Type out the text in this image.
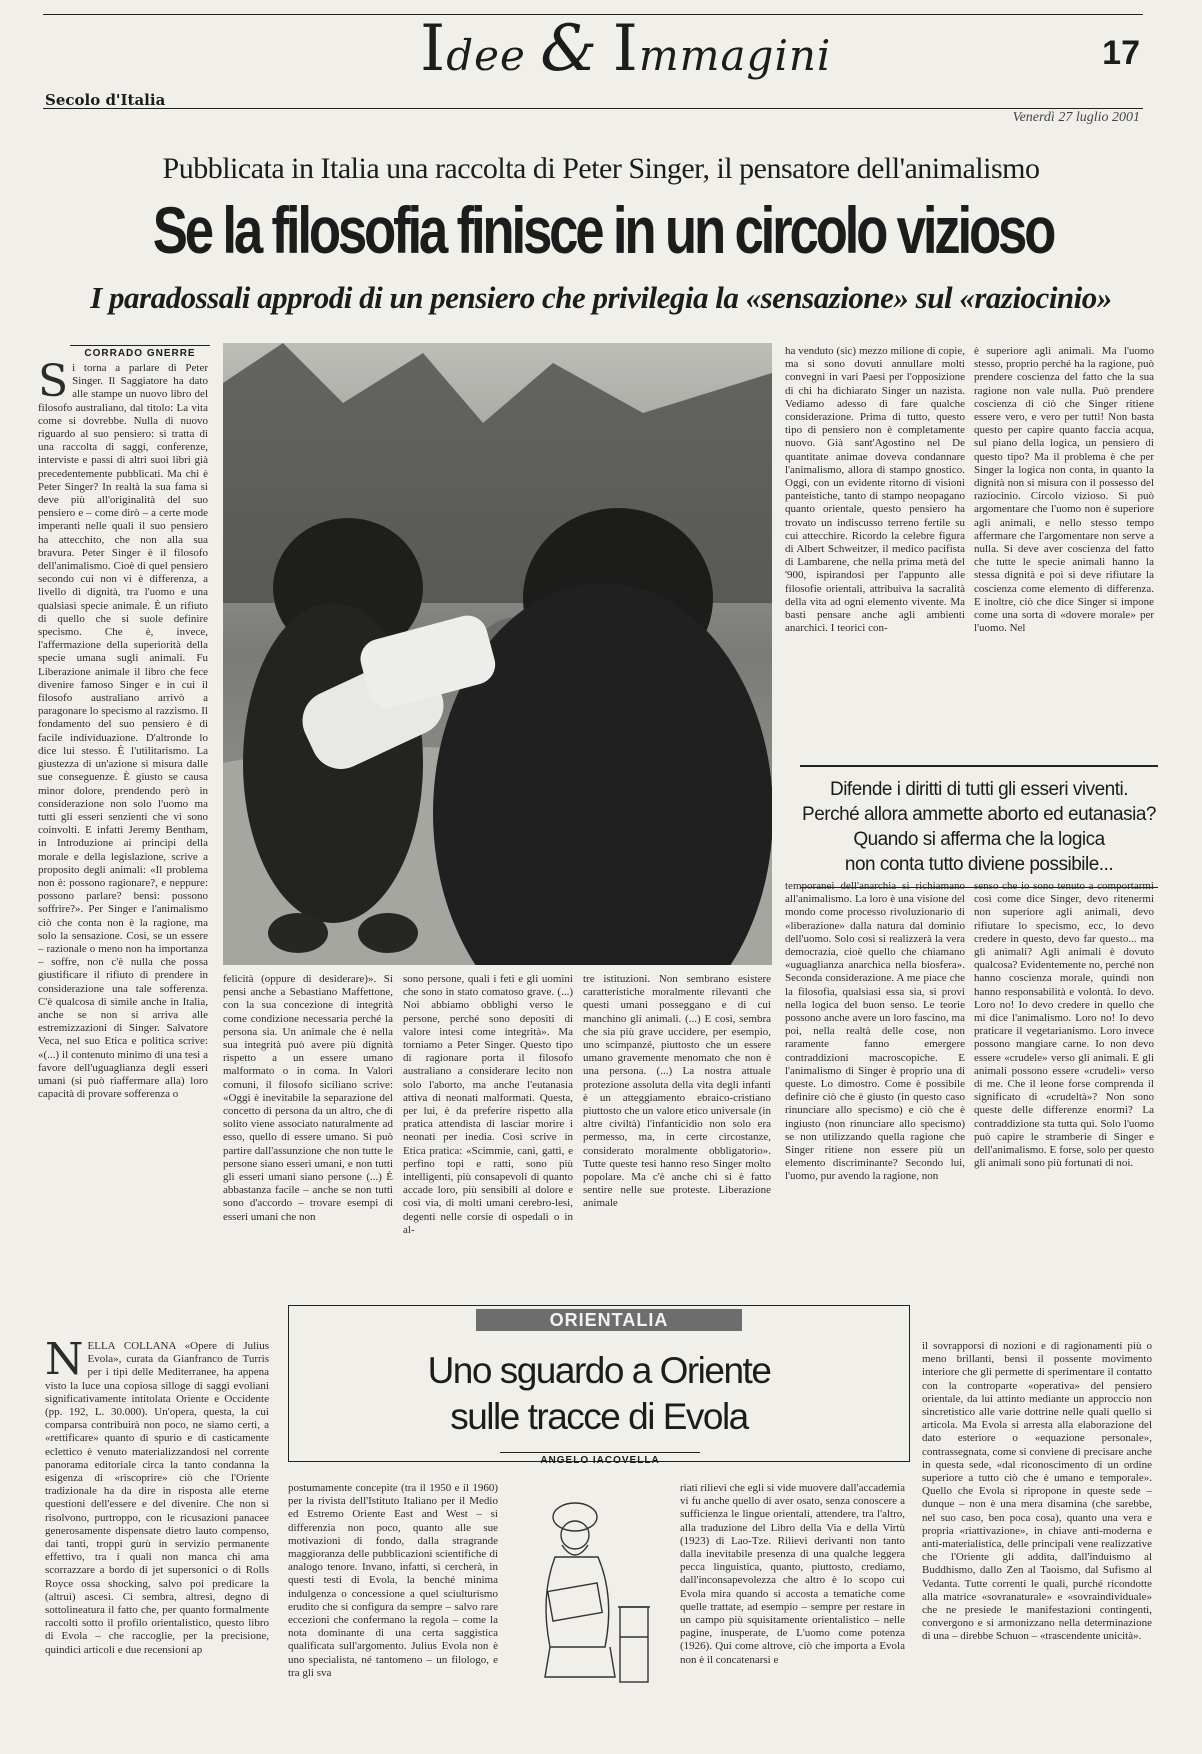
Idee & Immagini	17
Secolo d'Italia
Venerdì 27 luglio 2001
Pubblicata in Italia una raccolta di Peter Singer, il pensatore dell'animalismo
Se la filosofia finisce in un circolo vizioso
I paradossali approdi di un pensiero che privilegia la «sensazione» sul «raziocinio»
CORRADO GNERRE
Si torna a parlare di Peter Singer. Il Saggiatore ha dato alle stampe un nuovo libro del filosofo australiano, dal titolo: La vita come si dovrebbe. Nulla di nuovo riguardo al suo pensiero: si tratta di una raccolta di saggi, conferenze, interviste e passi di altri suoi libri già precedentemente pubblicati. Ma chi è Peter Singer? In realtà la sua fama si deve più all'originalità del suo pensiero e – come dirò – a certe mode imperanti nelle quali il suo pensiero ha attecchito, che non alla sua bravura. Peter Singer è il filosofo dell'animalismo. Cioè di quel pensiero secondo cui non vi è differenza, a livello di dignità, tra l'uomo e una qualsiasi specie animale. È un rifiuto di quello che si suole definire specismo. Che è, invece, l'affermazione della superiorità della specie umana sugli animali. Fu Liberazione animale il libro che fece divenire famoso Singer e in cui il filosofo australiano arrivò a paragonare lo specismo al razzismo. Il fondamento del suo pensiero è di facile individuazione. D'altronde lo dice lui stesso. È l'utilitarismo. La giustezza di un'azione si misura dalle sue conseguenze. È giusto se causa minor dolore, prendendo però in considerazione non solo l'uomo ma tutti gli esseri senzienti che vi sono coinvolti. E infatti Jeremy Bentham, in Introduzione ai principi della morale e della legislazione, scrive a proposito degli animali: «Il problema non è: possono ragionare?, e neppure: possono parlare? bensì: possono soffrire?». Per Singer e l'animalismo ciò che conta non è la ragione, ma solo la sensazione. Così, se un essere – razionale o meno non ha importanza – soffre, non c'è nulla che possa giustificare il rifiuto di prendere in considerazione una tale sofferenza. C'è qualcosa di simile anche in Italia, anche se non si arriva alle estremizzazioni di Singer. Salvatore Veca, nel suo Etica e politica scrive: «(...) il contenuto minimo di una tesi a favore dell'uguaglianza degli esseri umani (si può riaffermare alla) loro capacità di provare sofferenza o
felicità (oppure di desiderare)». Si pensi anche a Sebastiano Maffettone, con la sua concezione di integrità come condizione necessaria perché la persona sia. Un animale che è nella sua integrità può avere più dignità rispetto a un essere umano malformato o in coma. In Valori comuni, il filosofo siciliano scrive: «Oggi è inevitabile la separazione del concetto di persona da un altro, che di solito viene associato naturalmente ad esso, quello di essere umano. Si può partire dall'assunzione che non tutte le persone siano esseri umani, e non tutti gli esseri umani siano persone (...) È abbastanza facile – anche se non tutti sono d'accordo – trovare esempi di esseri umani che non
sono persone, quali i feti e gli uomini che sono in stato comatoso grave. (...) Noi abbiamo obblighi verso le persone, perché sono depositi di valore intesi come integrità». Ma torniamo a Peter Singer. Questo tipo di ragionare porta il filosofo australiano a considerare lecito non solo l'aborto, ma anche l'eutanasia attiva di neonati malformati. Questa, per lui, è da preferire rispetto alla pratica attendista di lasciar morire i neonati per inedia. Così scrive in Etica pratica: «Scimmie, cani, gatti, e perfino topi e ratti, sono più intelligenti, più consapevoli di quanto accade loro, più sensibili al dolore e così via, di molti umani cerebro-lesi, degenti nelle corsie di ospedali o in al-
tre istituzioni. Non sembrano esistere caratteristiche moralmente rilevanti che questi umani posseggano e di cui manchino gli animali. (...) E così, sembra che sia più grave uccidere, per esempio, uno scimpanzé, piuttosto che un essere umano gravemente menomato che non è una persona. (...) La nostra attuale protezione assoluta della vita degli infanti è un atteggiamento ebraico-cristiano piuttosto che un valore etico universale (in altre civiltà) l'infanticidio non solo era permesso, ma, in certe circostanze, considerato moralmente obbligatorio». Tutte queste tesi hanno reso Singer molto popolare. Ma c'è anche chi si è fatto sentire nelle sue proteste. Liberazione animale
ha venduto (sic) mezzo milione di copie, ma si sono dovuti annullare molti convegni in vari Paesi per l'opposizione di chi ha dichiarato Singer un nazista. Vediamo adesso di fare qualche considerazione. Prima di tutto, questo tipo di pensiero non è completamente nuovo. Già sant'Agostino nel De quantitate animae doveva condannare l'animalismo, allora di stampo gnostico. Oggi, con un evidente ritorno di visioni panteistiche, tanto di stampo neopagano quanto orientale, questo pensiero ha trovato un indiscusso terreno fertile su cui attecchire. Ricordo la celebre figura di Albert Schweitzer, il medico pacifista di Lambarene, che nella prima metà del '900, ispirandosi per l'appunto alle filosofie orientali, attribuiva la sacralità della vita ad ogni elemento vivente. Ma basti pensare anche agli ambienti anarchici. I teorici con-
è superiore agli animali. Ma l'uomo stesso, proprio perché ha la ragione, può prendere coscienza del fatto che la sua ragione non vale nulla. Può prendere coscienza di ciò che Singer ritiene essere vero, e vero per tutti! Non basta questo per capire quanto faccia acqua, sul piano della logica, un pensiero di questo tipo? Ma il problema è che per Singer la logica non conta, in quanto la dignità non si misura con il possesso del raziocinio. Circolo vizioso. Si può argomentare che l'uomo non è superiore agli animali, e nello stesso tempo affermare che l'argomentare non serve a nulla. Si deve aver coscienza del fatto che tutte le specie animali hanno la stessa dignità e poi si deve rifiutare la coscienza come elemento di differenza. E inoltre, ciò che dice Singer si impone come una sorta di «dovere morale» per l'uomo. Nel
Difende i diritti di tutti gli esseri viventi.
Perché allora ammette aborto ed eutanasia?
Quando si afferma che la logica
non conta tutto diviene possibile...
temporanei dell'anarchia si richiamano all'animalismo. La loro è una visione del mondo come processo rivoluzionario di «liberazione» dalla natura dal dominio dell'uomo. Solo così si realizzerà la vera democrazia, cioè quello che chiamano «uguaglianza anarchica nella biosfera». Seconda considerazione. A me piace che la filosofia, qualsiasi essa sia, si provi nella logica del buon senso. Le teorie possono anche avere un loro fascino, ma poi, nella realtà delle cose, non raramente fanno emergere contraddizioni macroscopiche. E l'animalismo di Singer è proprio una di queste. Lo dimostro. Come è possibile definire ciò che è giusto (in questo caso rinunciare allo specismo) e ciò che è ingiusto (non rinunciare allo specismo) se non utilizzando quella ragione che Singer ritiene non essere più un elemento discriminante? Secondo lui, l'uomo, pur avendo la ragione, non
senso che io sono tenuto a comportarmi così come dice Singer, devo ritenermi non superiore agli animali, devo rifiutare lo specismo, ecc, lo devo credere in questo, devo far questo... ma gli animali? Agli animali è dovuto qualcosa? Evidentemente no, perché non hanno coscienza morale, quindi non hanno responsabilità e volontà. Io devo. Loro no! Io devo credere in quello che mi dice l'animalismo. Loro no! Io devo praticare il vegetarianismo. Loro invece possono mangiare carne. Io non devo essere «crudele» verso gli animali. E gli animali possono essere «crudeli» verso di me. Che il leone forse comprenda il significato di «crudeltà»? Non sono queste delle differenze enormi? La contraddizione sta tutta qui. Solo l'uomo può capire le stramberie di Singer e dell'animalismo. E forse, solo per questo gli animali sono più fortunati di noi.
ORIENTALIA
Uno sguardo a Oriente
sulle tracce di Evola
ANGELO IACOVELLA
NELLA COLLANA «Opere di Julius Evola», curata da Gianfranco de Turris per i tipi delle Mediterranee, ha appena visto la luce una copiosa silloge di saggi evoliani significativamente intitolata Oriente e Occidente (pp. 192, L. 30.000). Un'opera, questa, la cui comparsa contribuirà non poco, ne siamo certi, a «rettificare» quanto di spurio e di casticamente eclettico è venuto materializzandosi nel corrente panorama editoriale circa la tanto condanna la esigenza di «riscoprire» ciò che l'Oriente tradizionale ha da dire in risposta alle eterne questioni dell'essere e del divenire. Che non si risolvono, purtroppo, con le ricusazioni panacee generosamente dispensate dietro lauto compenso, dai tanti, troppi gurù in servizio permanente effettivo, tra i quali non manca chi ama scorrazzare a bordo di jet supersonici o di Rolls Royce ossa shocking, salvo poi predicare la (altrui) ascesi. Ci sembra, altresì, degno di sottolineatura il fatto che, per quanto formalmente raccolti sotto il profilo orientalistico, questo libro di Evola – che raccoglie, per la precisione, quindici articoli e due recensioni ap
postumamente concepite (tra il 1950 e il 1960) per la rivista dell'Istituto Italiano per il Medio ed Estremo Oriente East and West – si differenzia non poco, quanto alle sue motivazioni di fondo, dalla stragrande maggioranza delle pubblicazioni scientifiche di analogo tenore. Invano, infatti, si cercherà, in questi testi di Evola, la benché minima indulgenza o concessione a quel sciulturismo erudito che si configura da sempre – salvo rare eccezioni che confermano la regola – come la nota dominante di una certa saggistica qualificata sull'argomento. Julius Evola non è uno specialista, né tantomeno – un filologo, e tra gli sva
riati rilievi che egli si vide muovere dall'accademia vi fu anche quello di aver osato, senza conoscere a sufficienza le lingue orientali, attendere, tra l'altro, alla traduzione del Libro della Via e della Virtù (1923) di Lao-Tze. Rilievi derivanti non tanto dalla inevitabile presenza di una qualche leggera pecca linguistica, quanto, piuttosto, crediamo, dall'inconsapevolezza che altro è lo scopo cui Evola mira quando si accosta a tematiche come quelle trattate, ad esempio – sempre per restare in un campo più squisitamente orientalistico – nelle pagine, inusperate, de L'uomo come potenza (1926). Qui come altrove, ciò che importa a Evola non è il concatenarsi e
il sovrapporsi di nozioni e di ragionamenti più o meno brillanti, bensì il possente movimento interiore che gli permette di sperimentare il contatto con la controparte «operativa» del pensiero orientale, da lui attinto mediante un approccio non sincretistico alle varie dottrine nelle quali quello si articola. Ma Evola si arresta alla elaborazione del dato esteriore o «equazione personale», contrassegnata, come si conviene di precisare anche in questa sede, «dal riconoscimento di un ordine superiore a tutto ciò che è umano e temporale». Quello che Evola si ripropone in queste sede – dunque – non è una mera disamina (che sarebbe, nel suo caso, ben poca cosa), quanto una vera e propria «riattivazione», in chiave anti-moderna e anti-materialistica, delle principali vene realizzative che l'Oriente gli addita, dall'induismo al Buddhismo, dallo Zen al Taoismo, dal Sufismo al Vedanta. Tutte correnti le quali, purché ricondotte alla matrice «sovranaturale» e «sovraindividuale» che ne presiede le manifestazioni contingenti, convergono e si armonizzano nella determinazione di una – direbbe Schuon – «trascendente unicità».
